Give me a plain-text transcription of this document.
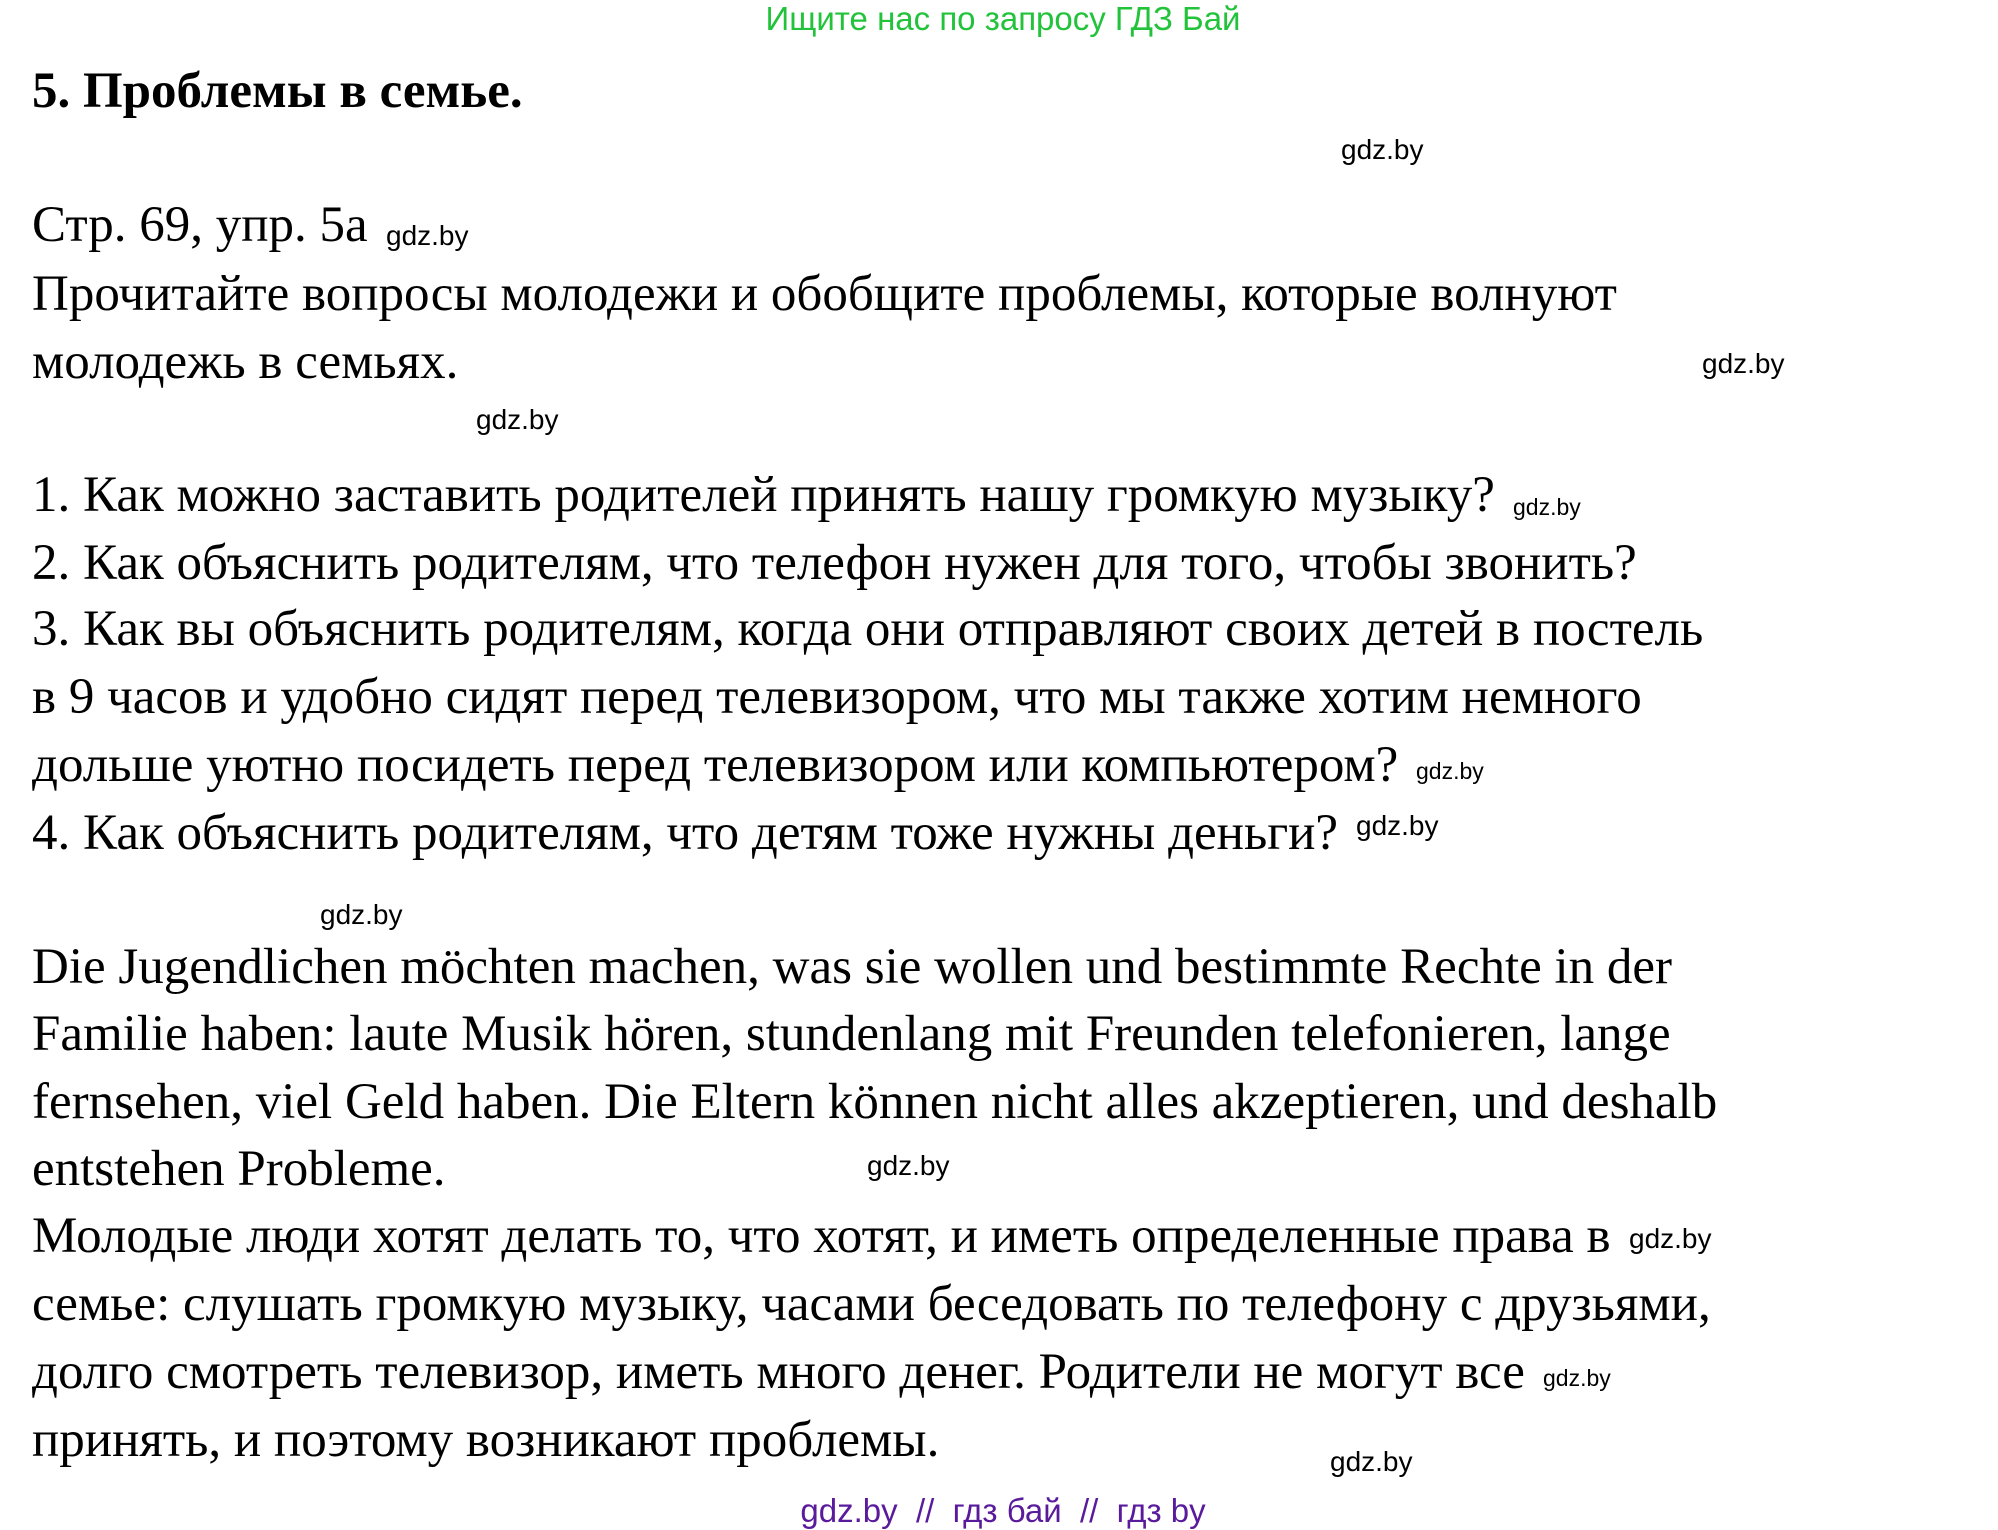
Ищите нас по запросу ГДЗ Бай
5. Проблемы в семье.
gdz.by
Стр. 69, упр. 5а gdz.by
Прочитайте вопросы молодежи и обобщите проблемы, которые волнуют
молодежь в семьях.	gdz.by
gdz.by
1. Как можно заставить родителей принять нашу громкую музыку? gdz.by
2. Как объяснить родителям, что телефон нужен для того, чтобы звонить?
3. Как вы объяснить родителям, когда они отправляют своих детей в постель
в 9 часов и удобно сидят перед телевизором, что мы также хотим немного
дольше уютно посидеть перед телевизором или компьютером? gdz.by
4. Как объяснить родителям, что детям тоже нужны деньги? gdz.by
gdz.by
Die Jugendlichen möchten machen, was sie wollen und bestimmte Rechte in der
Familie haben: laute Musik hören, stundenlang mit Freunden telefonieren, lange
fernsehen, viel Geld haben. Die Eltern können nicht alles akzeptieren, und deshalb
entstehen Probleme.	gdz.by
Молодые люди хотят делать то, что хотят, и иметь определенные права в gdz.by
семье: слушать громкую музыку, часами беседовать по телефону с друзьями,
долго смотреть телевизор, иметь много денег. Родители не могут все gdz.by
принять, и поэтому возникают проблемы.	gdz.by
gdz.by  //  гдз бай  //  гдз by
